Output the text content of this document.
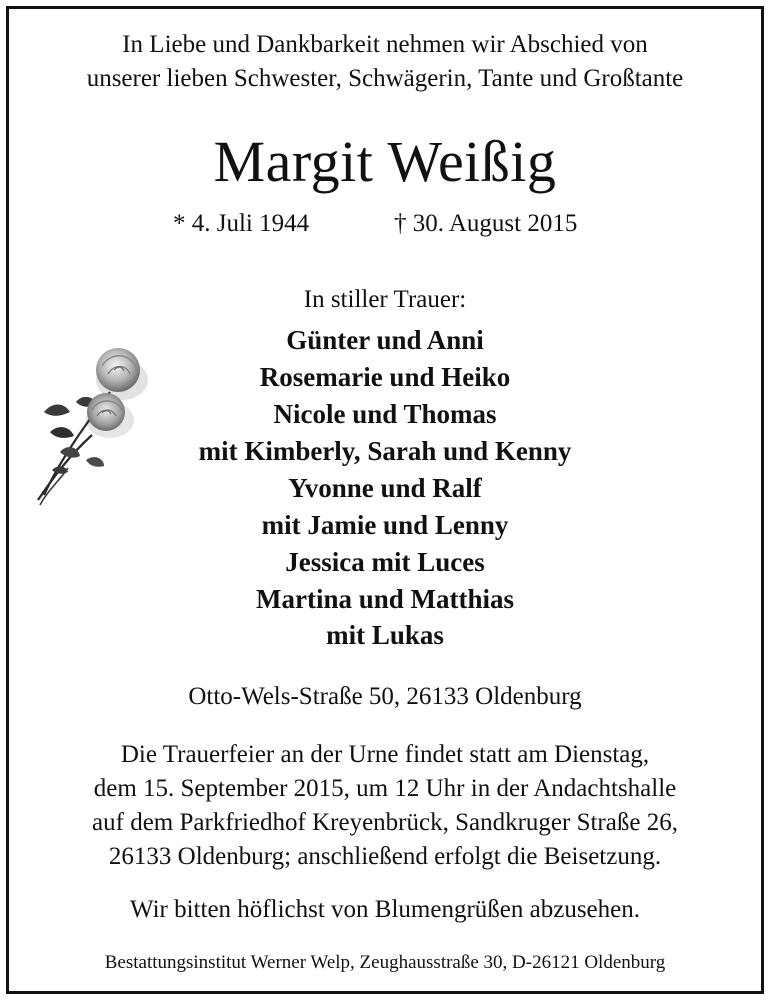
In Liebe und Dankbarkeit nehmen wir Abschied von
unserer lieben Schwester, Schwägerin, Tante und Großtante
Margit Weißig
* 4. Juli 1944	† 30. August 2015
In stiller Trauer:
Günter und Anni
Rosemarie und Heiko
Nicole und Thomas
mit Kimberly, Sarah und Kenny
Yvonne und Ralf
mit Jamie und Lenny
Jessica mit Luces
Martina und Matthias
mit Lukas
Otto-Wels-Straße 50, 26133 Oldenburg
Die Trauerfeier an der Urne findet statt am Dienstag,
dem 15. September 2015, um 12 Uhr in der Andachtshalle
auf dem Parkfriedhof Kreyenbrück, Sandkruger Straße 26,
26133 Oldenburg; anschließend erfolgt die Beisetzung.
Wir bitten höflichst von Blumengrüßen abzusehen.
Bestattungsinstitut Werner Welp, Zeughausstraße 30, D-26121 Oldenburg
